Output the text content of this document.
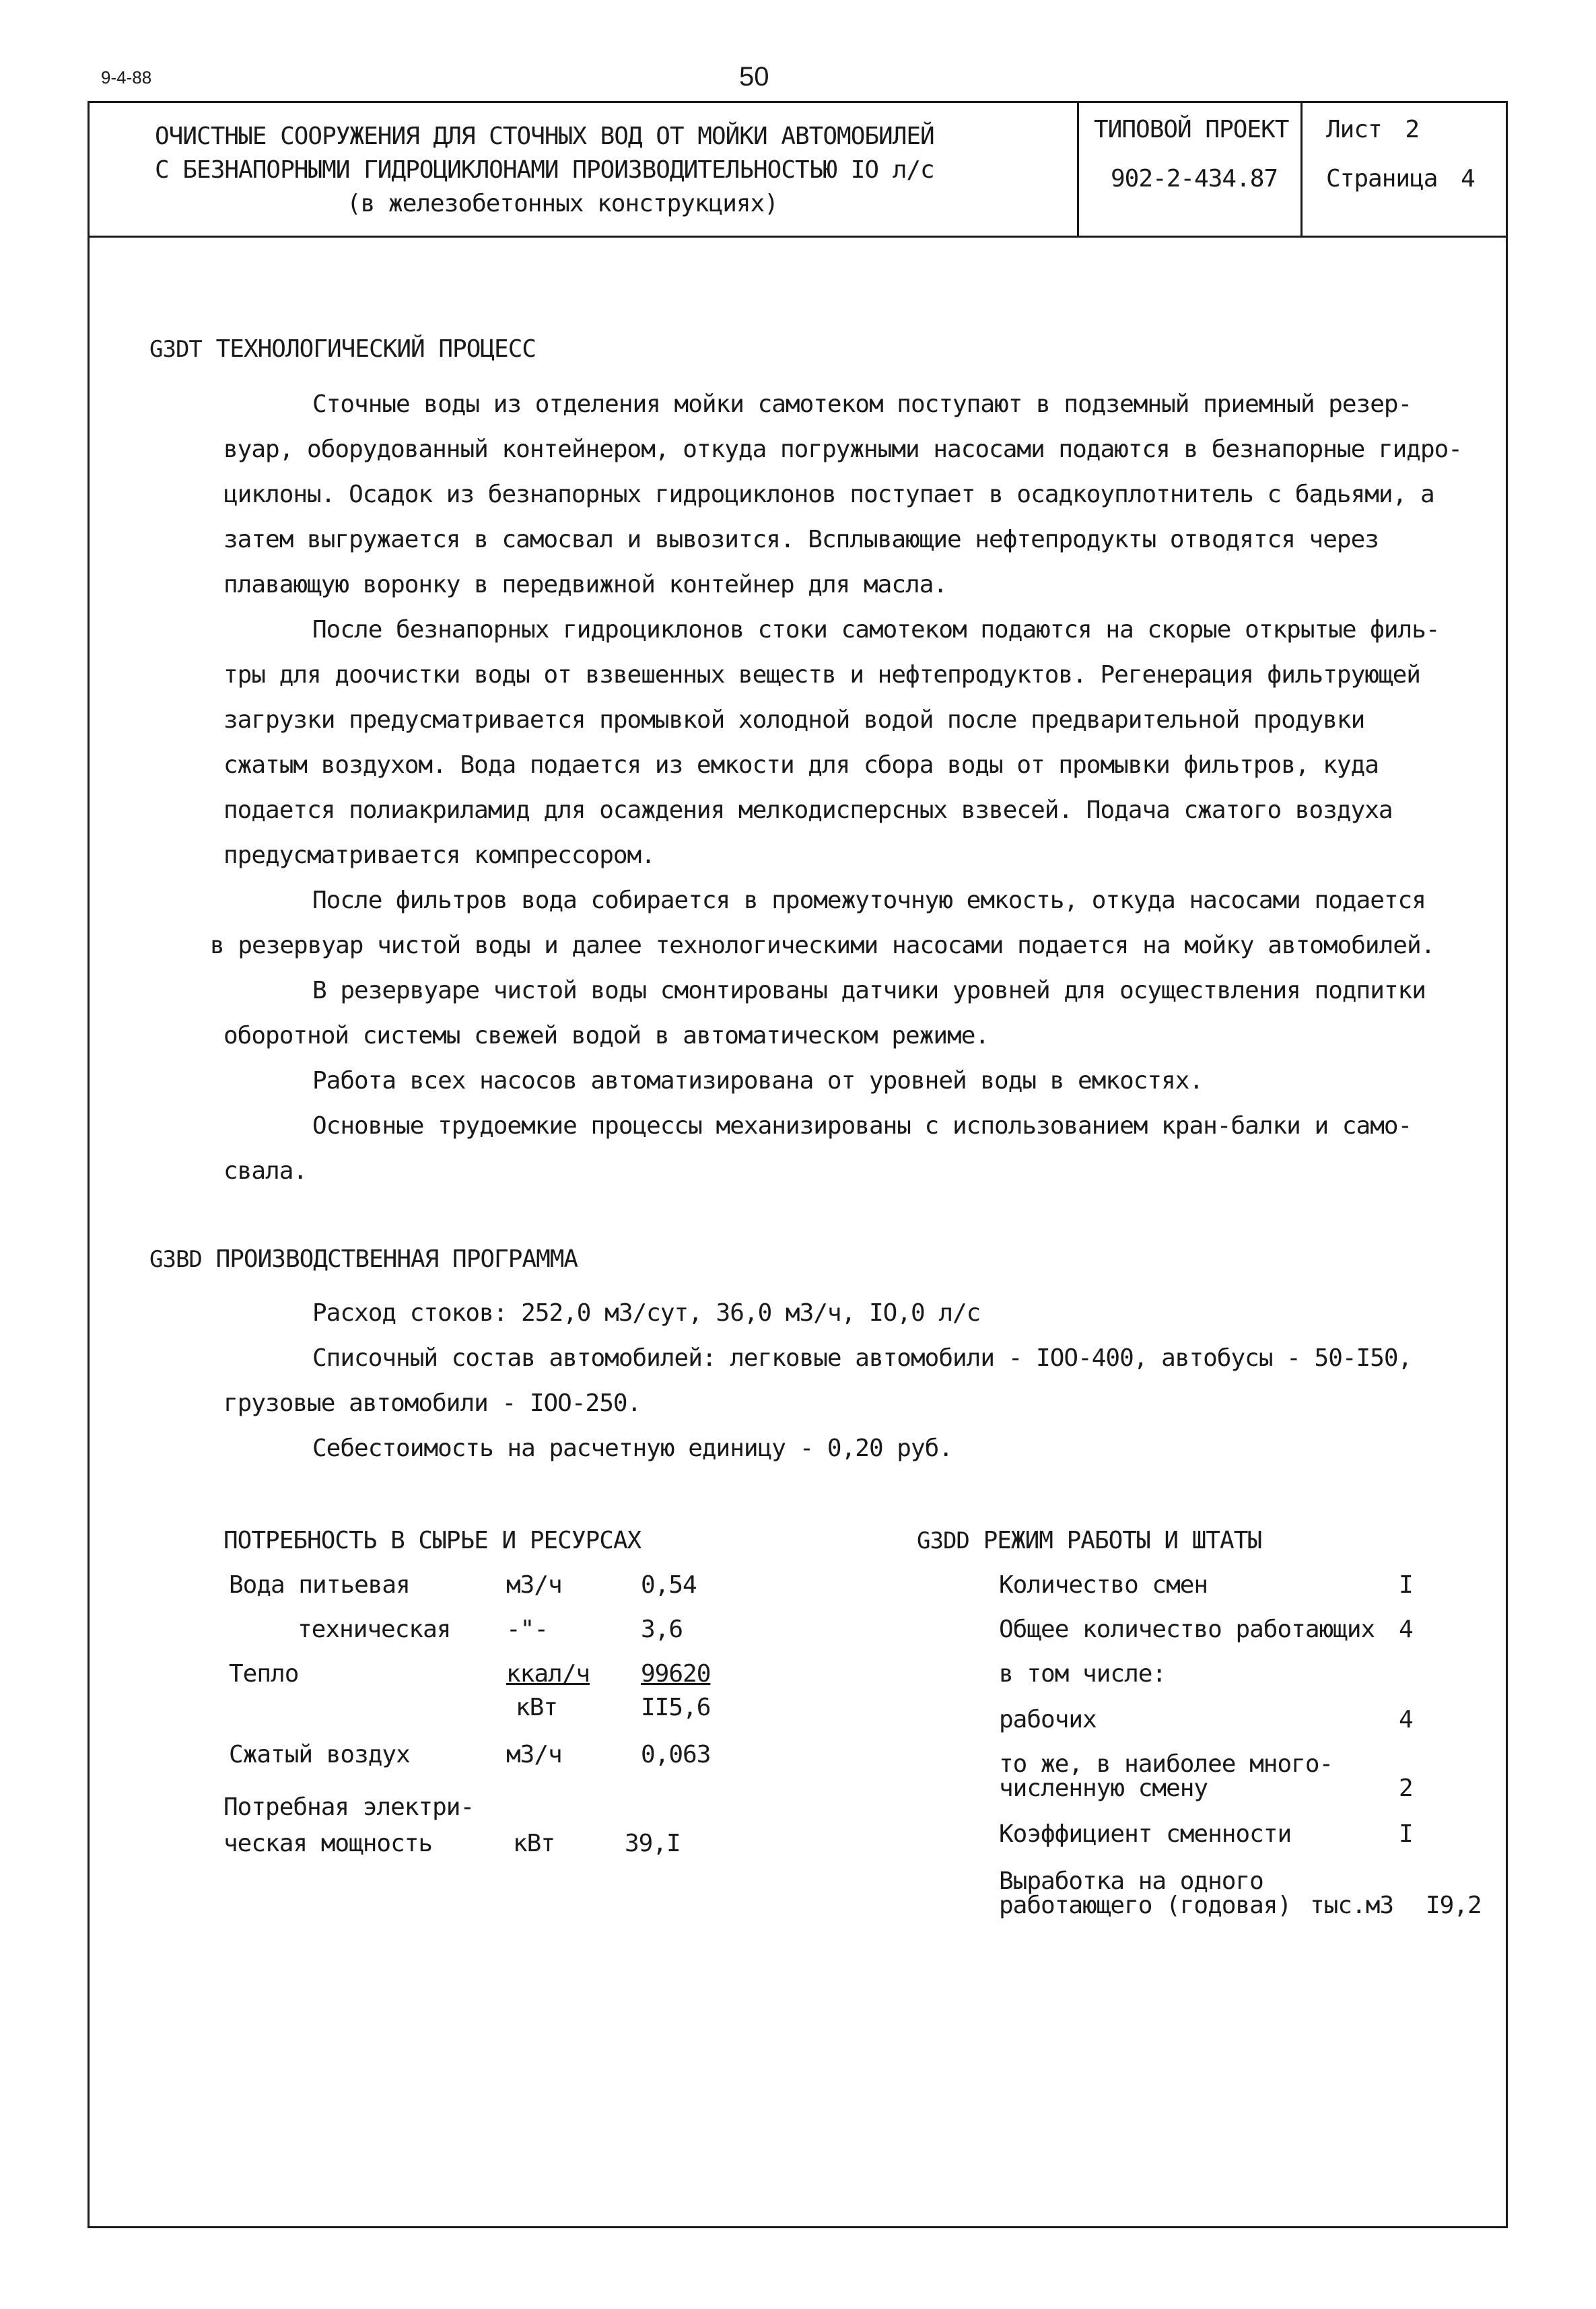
9-4-88	50
ОЧИСТНЫЕ СООРУЖЕНИЯ ДЛЯ СТОЧНЫХ ВОД ОТ МОЙКИ АВТОМОБИЛЕЙ
С БЕЗНАПОРНЫМИ ГИДРОЦИКЛОНАМИ ПРОИЗВОДИТЕЛЬНОСТЬЮ IO л/с
(в железобетонных конструкциях)
ТИПОВОЙ ПРОЕКТ
902-2-434.87
Лист 2
Страница 4
G3DT ТЕХНОЛОГИЧЕСКИЙ ПРОЦЕСС
Сточные воды из отделения мойки самотеком поступают в подземный приемный резер-
вуар, оборудованный контейнером, откуда погружными насосами подаются в безнапорные гидро-
циклоны. Осадок из безнапорных гидроциклонов поступает в осадкоуплотнитель с бадьями, а
затем выгружается в самосвал и вывозится. Всплывающие нефтепродукты отводятся через
плавающую воронку в передвижной контейнер для масла.
После безнапорных гидроциклонов стоки самотеком подаются на скорые открытые филь-
тры для доочистки воды от взвешенных веществ и нефтепродуктов. Регенерация фильтрующей
загрузки предусматривается промывкой холодной водой после предварительной продувки
сжатым воздухом. Вода подается из емкости для сбора воды от промывки фильтров, куда
подается полиакриламид для осаждения мелкодисперсных взвесей. Подача сжатого воздуха
предусматривается компрессором.
После фильтров вода собирается в промежуточную емкость, откуда насосами подается
в резервуар чистой воды и далее технологическими насосами подается на мойку автомобилей.
В резервуаре чистой воды смонтированы датчики уровней для осуществления подпитки
оборотной системы свежей водой в автоматическом режиме.
Работа всех насосов автоматизирована от уровней воды в емкостях.
Основные трудоемкие процессы механизированы с использованием кран-балки и само-
свала.
G3BD ПРОИЗВОДСТВЕННАЯ ПРОГРАММА
Расход стоков: 252,0 м3/сут, 36,0 м3/ч, IO,0 л/с
Списочный состав автомобилей: легковые автомобили - IOO-400, автобусы - 50-I50,
грузовые автомобили - IOO-250.
Себестоимость на расчетную единицу - 0,20 руб.
ПОТРЕБНОСТЬ В СЫРЬЕ И РЕСУРСАХ
Вода питьевая	м3/ч	0,54
техническая -"-	3,6
Тепло	ккал/ч 99620
кВт	II5,6
Сжатый воздух	м3/ч	0,063
Потребная электри-
ческая мощность	кВт	39,I
G3DD РЕЖИМ РАБОТЫ И ШТАТЫ
Количество смен	I
Общее количество работающих 4
в том числе:
рабочих	4
то же, в наиболее много-
численную смену	2
Коэффициент сменности	I
Выработка на одного
работающего (годовая) тыс.м3 I9,2
